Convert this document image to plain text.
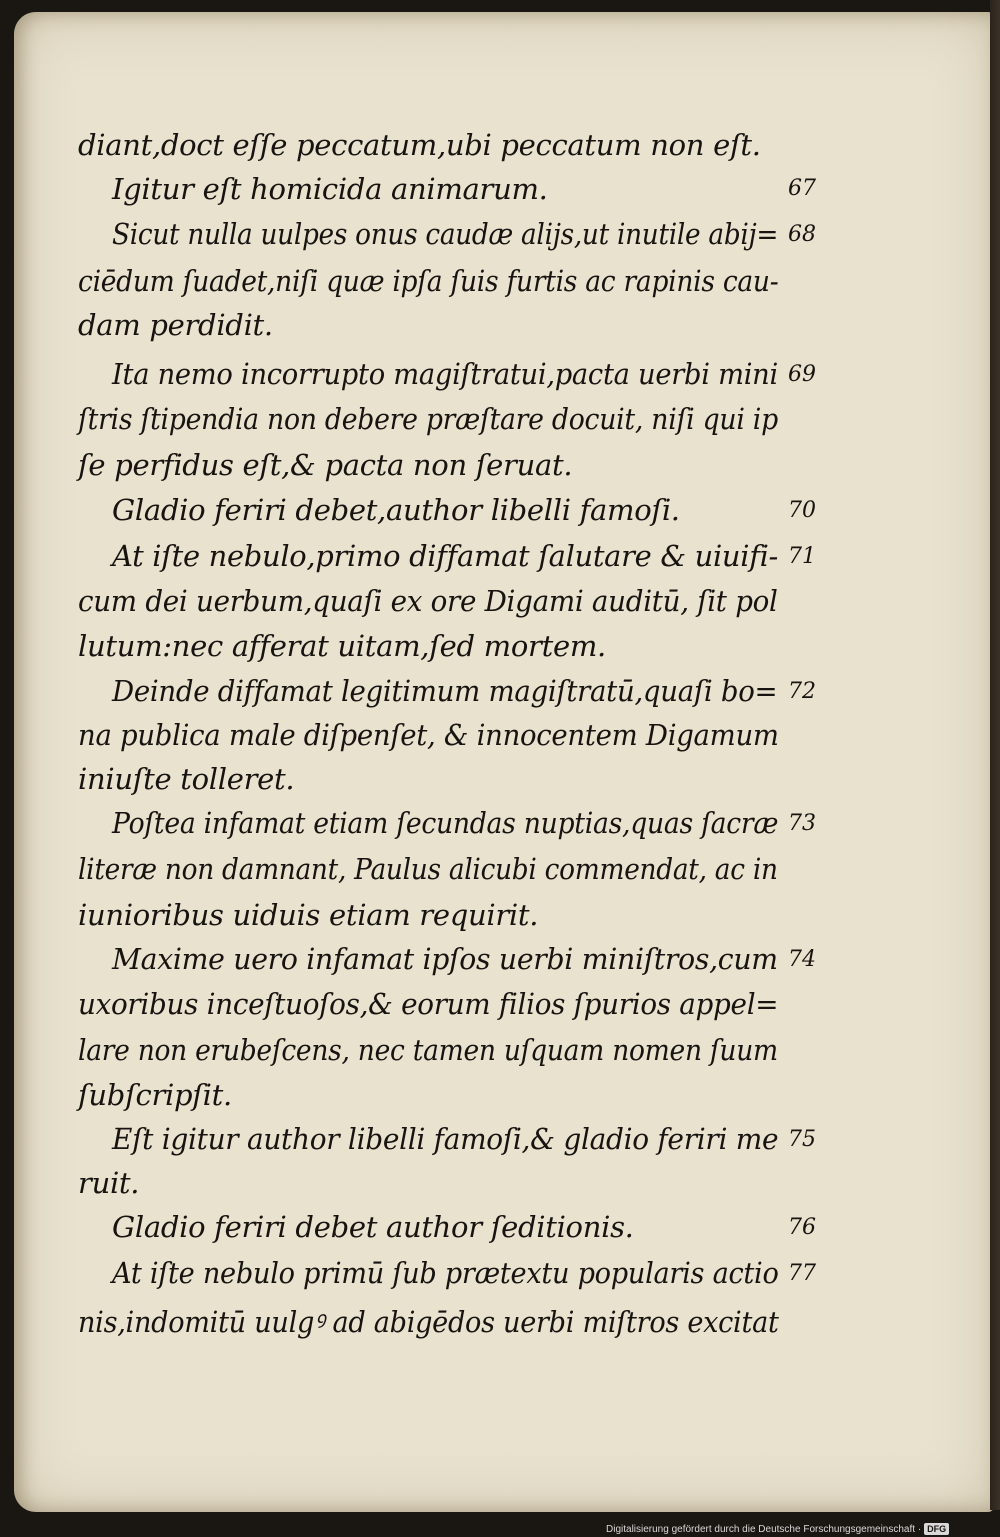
diant,doct eſſe peccatum,ubi peccatum non eſt.
Igitur eſt homicida animarum.
Sicut nulla uulpes onus caudæ alijs,ut inutile abij=
ciēdum ſuadet,niſi quæ ipſa ſuis furtis ac rapinis cau-
dam perdidit.
Ita nemo incorrupto magiſtratui,pacta uerbi mini
ſtris ſtipendia non debere præſtare docuit, niſi qui ip
ſe perfidus eſt,& pacta non ſeruat.
Gladio feriri debet,author libelli famoſi.
At iſte nebulo,primo diffamat ſalutare & uiuifi-
cum dei uerbum,quaſi ex ore Digami auditū, ſit pol
lutum:nec afferat uitam,ſed mortem.
Deinde diffamat legitimum magiſtratū,quaſi bo=
na publica male diſpenſet, & innocentem Digamum
iniuſte tolleret.
Poſtea infamat etiam ſecundas nuptias,quas ſacræ
literæ non damnant, Paulus alicubi commendat, ac in
iunioribus uiduis etiam requirit.
Maxime uero infamat ipſos uerbi miniſtros,cum
uxoribus inceſtuoſos,& eorum filios ſpurios appel=
lare non erubeſcens, nec tamen uſquam nomen ſuum
ſubſcripſit.
Eſt igitur author libelli famoſi,& gladio feriri me
ruit.
Gladio feriri debet author ſeditionis.
At iſte nebulo primū ſub prætextu popularis actio
nis,indomitū uulgꝰ ad abigēdos uerbi miſtros excitat
67
68
69
70
71
72
73
74
75
76
77
Digitalisierung gefördert durch die Deutsche Forschungsgemeinschaft · DFG
